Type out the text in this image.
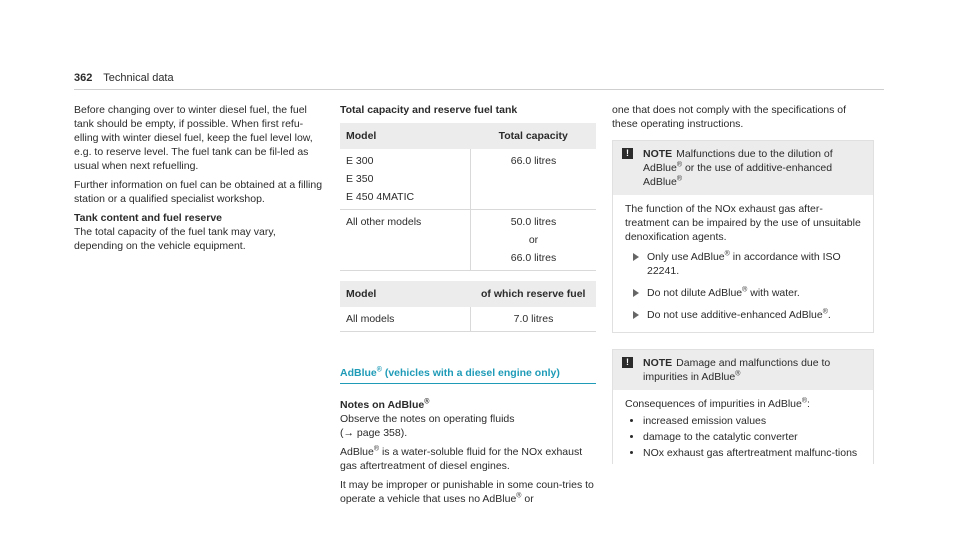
362 Technical data

Before changing over to winter diesel fuel, the fuel tank should be empty, if possible. When first refu-elling with winter diesel fuel, keep the fuel level low, e.g. to reserve level. The fuel tank can be fil-led as usual when next refuelling.

Further information on fuel can be obtained at a filling station or a qualified specialist workshop.

Tank content and fuel reserve

The total capacity of the fuel tank may vary, depending on the vehicle equipment.

Total capacity and reserve fuel tank
Model	Total capacity

E 300
E 350
E 450 4MATIC	66.0 litres

All other models	50.0 litres
or
66.0 litres
Model	of which reserve fuel
All models	7.0 litres
AdBlue® (vehicles with a diesel engine only)
Notes on AdBlue®

Observe the notes on operating fluids
(→ page 358).

AdBlue® is a water-soluble fluid for the NOx exhaust gas aftertreatment of diesel engines.

It may be improper or punishable in some coun-tries to operate a vehicle that uses no AdBlue® or

one that does not comply with the specifications of these operating instructions.

!	NOTE Malfunctions due to the dilution of AdBlue® or the use of additive-enhanced AdBlue®

The function of the NOx exhaust gas after-treatment can be impaired by the use of unsuitable denoxification agents.

Only use AdBlue® in accordance with ISO 22241.
Do not dilute AdBlue® with water.
Do not use additive-enhanced AdBlue®.
!	NOTE Damage and malfunctions due to impurities in AdBlue®
Consequences of impurities in AdBlue®:
• increased emission values
• damage to the catalytic converter
• NOx exhaust gas aftertreatment malfunc-tions
